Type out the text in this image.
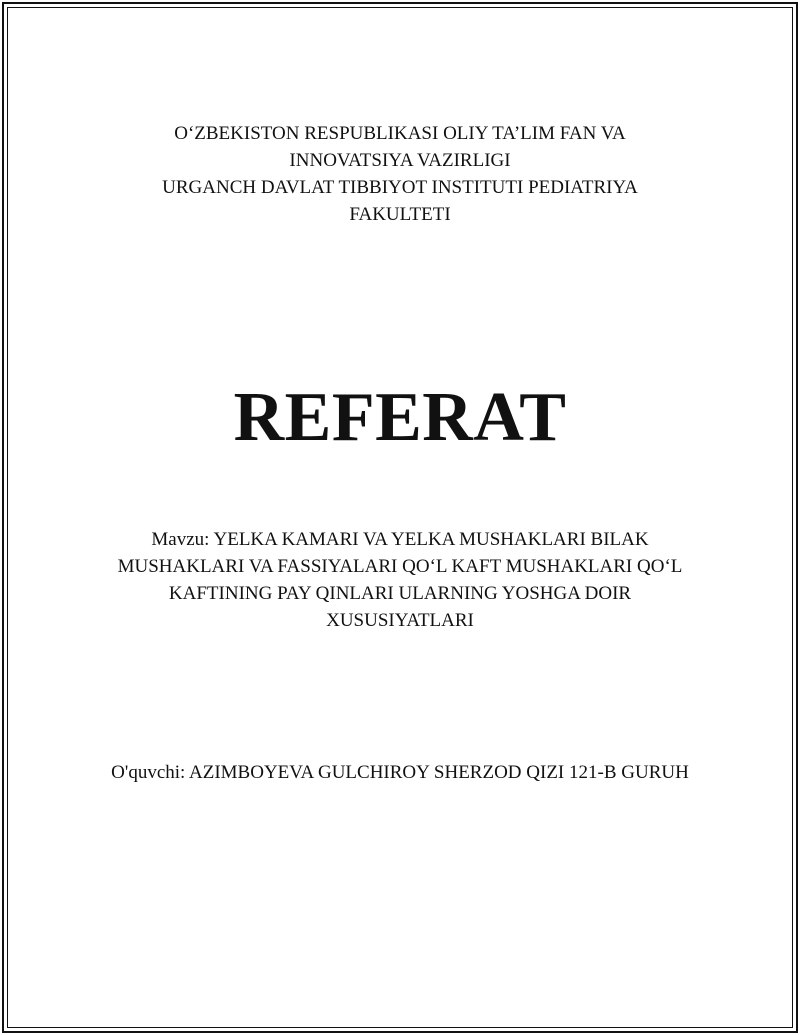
O‘ZBEKISTON RESPUBLIKASI OLIY TA’LIM FAN VA
INNOVATSIYA VAZIRLIGI
URGANCH DAVLAT TIBBIYOT INSTITUTI PEDIATRIYA
FAKULTETI
REFERAT
Mavzu: YELKA KAMARI VA YELKA MUSHAKLARI BILAK
MUSHAKLARI VA FASSIYALARI QO‘L KAFT MUSHAKLARI QO‘L
KAFTINING PAY QINLARI ULARNING YOSHGA DOIR
XUSUSIYATLARI
O'quvchi: AZIMBOYEVA GULCHIROY SHERZOD QIZI 121-B GURUH
